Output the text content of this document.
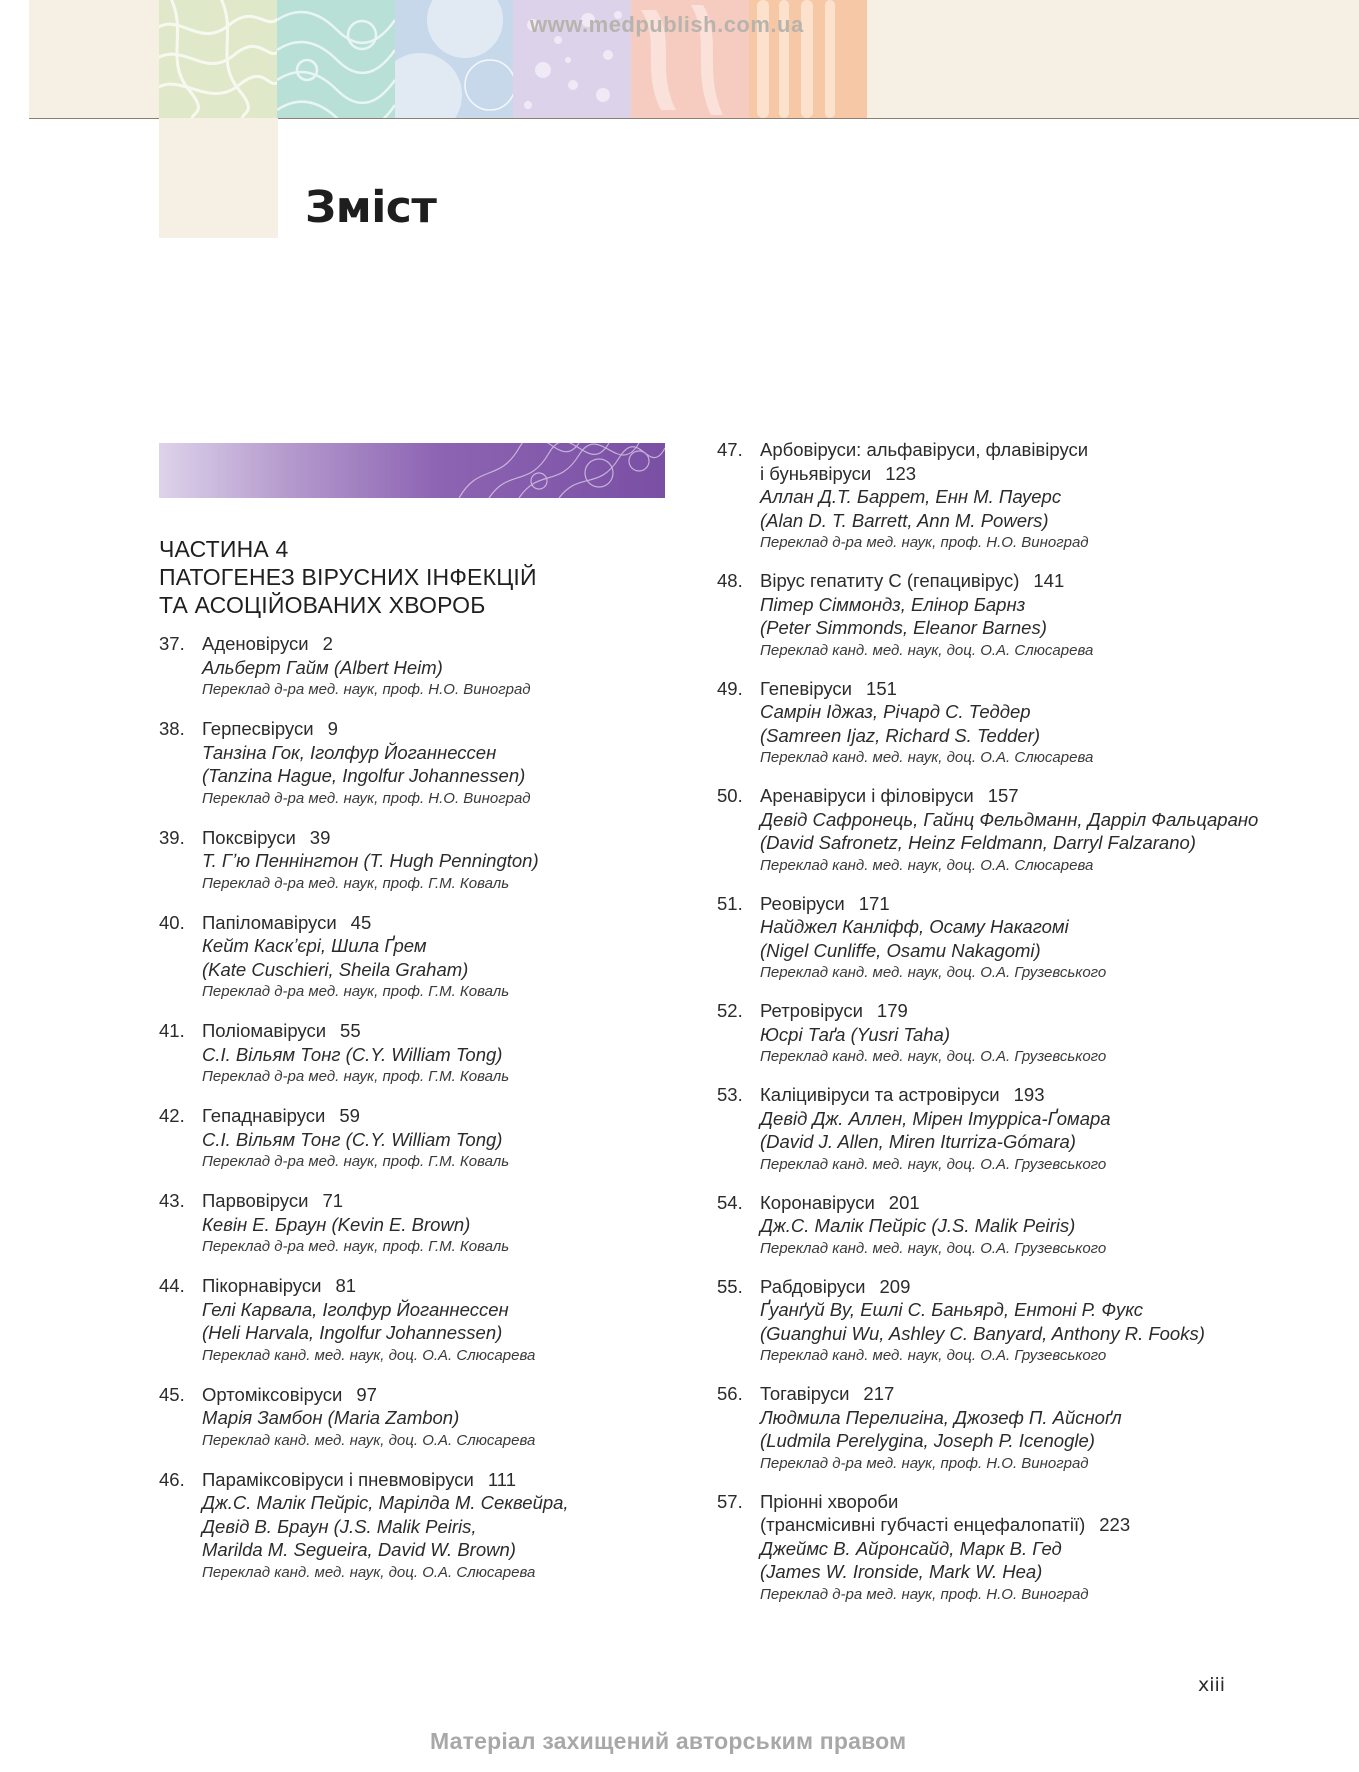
www.medpublish.com.ua
Зміст
ЧАСТИНА 4
ПАТОГЕНЕЗ ВІРУСНИХ ІНФЕКЦІЙ
ТА АСОЦІЙОВАНИХ ХВОРОБ
37. Аденовіруси 2
Альберт Гайм (Albert Heim)
Переклад д-ра мед. наук, проф. Н.О. Виноград
38. Герпесвіруси 9
Танзіна Гок, Іголфур Йоганнессен
(Tanzina Hague, Ingolfur Johannessen)
Переклад д-ра мед. наук, проф. Н.О. Виноград
39. Поксвіруси 39
Т. Гʼю Пеннінгтон (T. Hugh Pennington)
Переклад д-ра мед. наук, проф. Г.М. Коваль
40. Папіломавіруси 45
Кейт Каскʼєрі, Шила Ґрем
(Kate Cuschieri, Sheila Graham)
Переклад д-ра мед. наук, проф. Г.М. Коваль
41. Поліомавіруси 55
С.І. Вільям Тонг (C.Y. William Tong)
Переклад д-ра мед. наук, проф. Г.М. Коваль
42. Гепаднавіруси 59
С.І. Вільям Тонг (C.Y. William Tong)
Переклад д-ра мед. наук, проф. Г.М. Коваль
43. Парвовіруси 71
Кевін Е. Браун (Kevin E. Brown)
Переклад д-ра мед. наук, проф. Г.М. Коваль
44. Пікорнавіруси 81
Гелі Карвала, Іголфур Йоганнессен
(Heli Harvala, Ingolfur Johannessen)
Переклад канд. мед. наук, доц. О.А. Слюсарева
45. Ортоміксовіруси 97
Марія Замбон (Maria Zambon)
Переклад канд. мед. наук, доц. О.А. Слюсарева
46. Параміксовіруси і пневмовіруси 111
Дж.С. Малік Пейріс, Марілда М. Секвейра,
Девід В. Браун (J.S. Malik Peiris,
Marilda M. Segueira, David W. Brown)
Переклад канд. мед. наук, доц. О.А. Слюсарева
47. Арбовіруси: альфавіруси, флавівіруси
і буньявіруси 123
Аллан Д.Т. Баррет, Енн М. Пауерс
(Alan D. T. Barrett, Ann M. Powers)
Переклад д-ра мед. наук, проф. Н.О. Виноград
48. Вірус гепатиту С (гепацивірус) 141
Пітер Сіммондз, Елінор Барнз
(Peter Simmonds, Eleanor Barnes)
Переклад канд. мед. наук, доц. О.А. Слюсарева
49. Гепевіруси 151
Самрін Іджаз, Річард С. Теддер
(Samreen Ijaz, Richard S. Tedder)
Переклад канд. мед. наук, доц. О.А. Слюсарева
50. Аренавіруси і філовіруси 157
Девід Сафронець, Гайнц Фельдманн, Дарріл Фальцарано
(David Safronetz, Heinz Feldmann, Darryl Falzarano)
Переклад канд. мед. наук, доц. О.А. Слюсарева
51. Реовіруси 171
Найджел Канліфф, Осаму Накагомі
(Nigel Cunliffe, Osamu Nakagomi)
Переклад канд. мед. наук, доц. О.А. Грузевського
52. Ретровіруси 179
Юсрі Таґа (Yusri Taha)
Переклад канд. мед. наук, доц. О.А. Грузевського
53. Каліцивіруси та астровіруси 193
Девід Дж. Аллен, Мірен Ітурріса-Ґомара
(David J. Allen, Miren Iturriza-Gómara)
Переклад канд. мед. наук, доц. О.А. Грузевського
54. Коронавіруси 201
Дж.С. Малік Пейріс (J.S. Malik Peiris)
Переклад канд. мед. наук, доц. О.А. Грузевського
55. Рабдовіруси 209
Ґуанґуй Ву, Ешлі С. Баньярд, Ентоні Р. Фукс
(Guanghui Wu, Ashley C. Banyard, Anthony R. Fooks)
Переклад канд. мед. наук, доц. О.А. Грузевського
56. Тогавіруси 217
Людмила Перелигіна, Джозеф П. Айсноґл
(Ludmila Perelygina, Joseph P. Icenogle)
Переклад д-ра мед. наук, проф. Н.О. Виноград
57. Пріонні хвороби
(трансмісивні губчасті енцефалопатії) 223
Джеймс В. Айронсайд, Марк В. Гед
(James W. Ironside, Mark W. Hea)
Переклад д-ра мед. наук, проф. Н.О. Виноград
xiii
Матеріал захищений авторським правом
